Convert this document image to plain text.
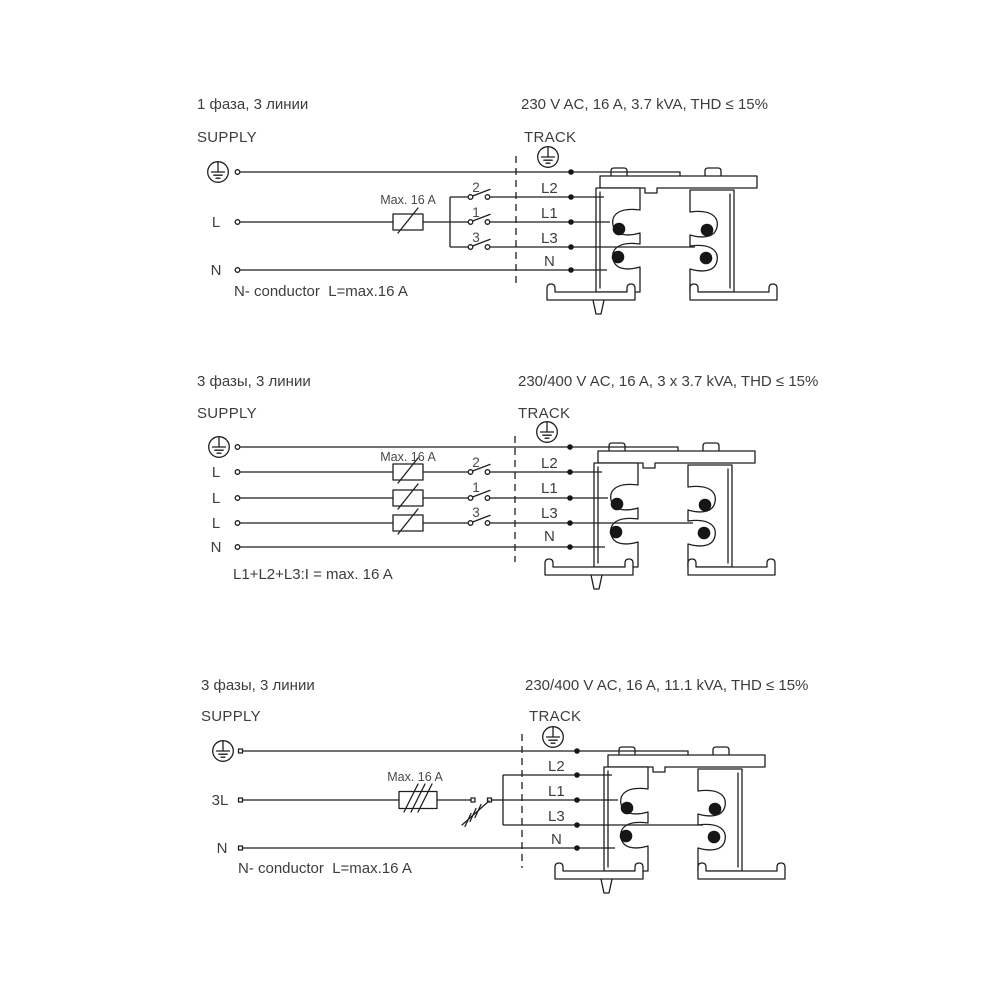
1 фаза, 3 линии	230 V AC, 16 A, 3.7 kVA, THD ≤ 15%
SUPPLY	TRACK
N- conductor  L=max.16 A
3 фазы, 3 линии	230/400 V AC, 16 A, 3 x 3.7 kVA, THD ≤ 15%
SUPPLY	TRACK
L1+L2+L3:I = max. 16 A
3 фазы, 3 линии	230/400 V AC, 16 A, 11.1 kVA, THD ≤ 15%
SUPPLY	TRACK
N- conductor  L=max.16 A
L
N
Max. 16 A
2
1
3
L2
L1
L3
N
L
L
L
N
Max. 16 A	2
1
3
L2
L1
L3
N
3L
N
Max. 16 A
L2
L1
L3
N
